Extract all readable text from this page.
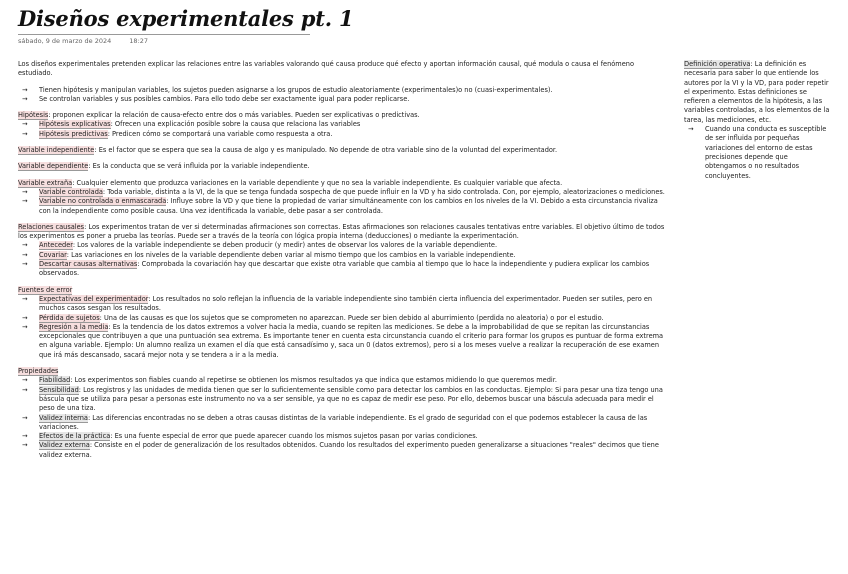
Diseños experimentales pt. 1
sábado, 9 de marzo de 2024	18:27

Los diseños experimentales pretenden explicar las relaciones entre las variables valorando qué causa produce qué efecto y aportan información causal, qué modula o causa el fenómeno estudiado.

→ Tienen hipótesis y manipulan variables, los sujetos pueden asignarse a los grupos de estudio aleatoriamente (experimentales)o no (cuasi-experimentales).
→ Se controlan variables y sus posibles cambios. Para ello todo debe ser exactamente igual para poder replicarse.

Hipótesis: proponen explicar la relación de causa-efecto entre dos o más variables. Pueden ser explicativas o predictivas.

→ Hipótesis explicativas: Ofrecen una explicación posible sobre la causa que relaciona las variables
→ Hipótesis predictivas: Predicen cómo se comportará una variable como respuesta a otra.

Variable independiente: Es el factor que se espera que sea la causa de algo y es manipulado. No depende de otra variable sino de la voluntad del experimentador.

Variable dependiente: Es la conducta que se verá influida por la variable independiente.

Variable extraña: Cualquier elemento que produzca variaciones en la variable dependiente y que no sea la variable independiente. Es cualquier variable que afecta.

→ Variable controlada: Toda variable, distinta a la VI, de la que se tenga fundada sospecha de que puede influir en la VD y ha sido controlada. Con, por ejemplo, aleatorizaciones o mediciones.
→ Variable no controlada o enmascarada: Influye sobre la VD y que tiene la propiedad de variar simultáneamente con los cambios en los niveles de la VI. Debido a esta circunstancia rivaliza con la independiente como posible causa. Una vez identificada la variable, debe pasar a ser controlada.

Relaciones causales: Los experimentos tratan de ver si determinadas afirmaciones son correctas. Estas afirmaciones son relaciones causales tentativas entre variables. El objetivo último de todos los experimentos es poner a prueba las teorías. Puede ser a través de la teoría con lógica propia interna (deducciones) o mediante la experimentación.

→ Anteceder: Los valores de la variable independiente se deben producir (y medir) antes de observar los valores de la variable dependiente.
→ Covariar: Las variaciones en los niveles de la variable dependiente deben variar al mismo tiempo que los cambios en la variable independiente.
→ Descartar causas alternativas: Comprobada la covariación hay que descartar que existe otra variable que cambia al tiempo que lo hace la independiente y pudiera explicar los cambios observados.

Fuentes de error

→ Expectativas del experimentador: Los resultados no solo reflejan la influencia de la variable independiente sino también cierta influencia del experimentador. Pueden ser sutiles, pero en muchos casos sesgan los resultados.
→ Pérdida de sujetos: Una de las causas es que los sujetos que se comprometen no aparezcan. Puede ser bien debido al aburrimiento (perdida no aleatoria) o por el estudio.
→ Regresión a la media: Es la tendencia de los datos extremos a volver hacia la media, cuando se repiten las mediciones. Se debe a la improbabilidad de que se repitan las circunstancias excepcionales que contribuyen a que una puntuación sea extrema. Es importante tener en cuenta esta circunstancia cuando el criterio para formar los grupos es puntuar de forma extrema en alguna variable. Ejemplo: Un alumno realiza un examen el día que está cansadísimo y, saca un 0 (datos extremos), pero si a los meses vuelve a realizar la recuperación de ese examen que irá más descansado, sacará mejor nota y se tendera a ir a la media.

Propiedades

→ Fiabilidad: Los experimentos son fiables cuando al repetirse se obtienen los mismos resultados ya que indica que estamos midiendo lo que queremos medir.
→ Sensibilidad: Los registros y las unidades de medida tienen que ser lo suficientemente sensible como para detectar los cambios en las conductas. Ejemplo: Si para pesar una tiza tengo una báscula que se utiliza para pesar a personas este instrumento no va a ser sensible, ya que no es capaz de medir ese peso. Por ello, debemos buscar una báscula adecuada para medir el peso de una tiza.
→ Validez interna: Las diferencias encontradas no se deben a otras causas distintas de la variable independiente. Es el grado de seguridad con el que podemos establecer la causa de las variaciones.
→ Efectos de la práctica: Es una fuente especial de error que puede aparecer cuando los mismos sujetos pasan por varias condiciones.
→ Validez externa: Consiste en el poder de generalización de los resultados obtenidos. Cuando los resultados del experimento pueden generalizarse a situaciones "reales" decimos que tiene validez externa.

Definición operativa: La definición es necesaria para saber lo que entiende los autores por la VI y la VD, para poder repetir el experimento. Estas definiciones se refieren a elementos de la hipótesis, a las variables controladas, a los elementos de la tarea, las mediciones, etc.

→ Cuando una conducta es susceptible de ser influida por pequeñas variaciones del entorno de estas precisiones depende que obtengamos o no resultados concluyentes.
